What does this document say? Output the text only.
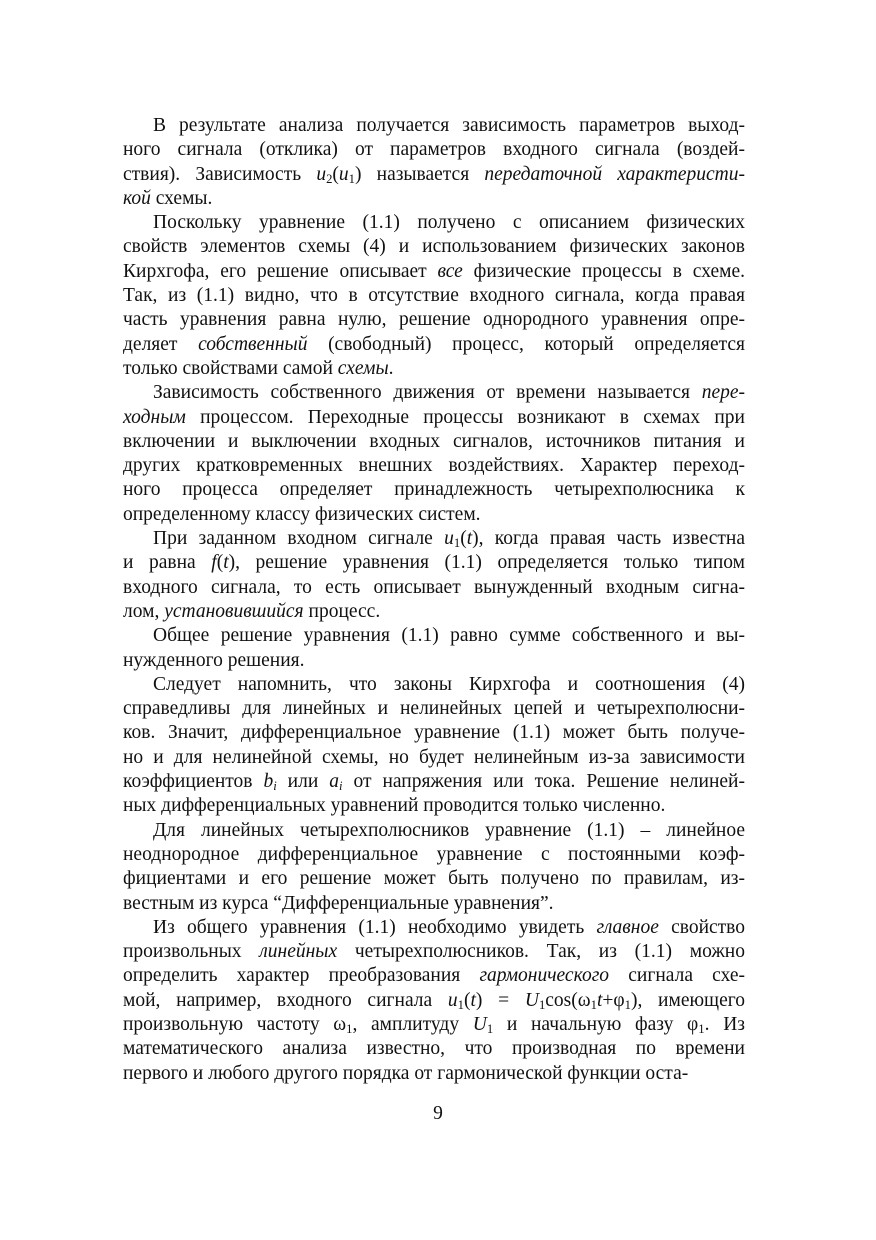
В результате анализа получается зависимость параметров выход-
ного сигнала (отклика) от параметров входного сигнала (воздей-
ствия). Зависимость $u_2(u_1)$ называется передаточной характеристи-
кой схемы.
Поскольку уравнение (1.1) получено с описанием физических
свойств элементов схемы (4) и использованием физических законов
Кирхгофа, его решение описывает все физические процессы в схеме.
Так, из (1.1) видно, что в отсутствие входного сигнала, когда правая
часть уравнения равна нулю, решение однородного уравнения опре-
деляет собственный (свободный) процесс, который определяется
только свойствами самой схемы.
Зависимость собственного движения от времени называется пере-
ходным процессом. Переходные процессы возникают в схемах при
включении и выключении входных сигналов, источников питания и
других кратковременных внешних воздействиях. Характер переход-
ного процесса определяет принадлежность четырехполюсника к
определенному классу физических систем.
При заданном входном сигнале $u_1(t)$, когда правая часть известна
и равна f(t), решение уравнения (1.1) определяется только типом
входного сигнала, то есть описывает вынужденный входным сигна-
лом, установившийся процесс.
Общее решение уравнения (1.1) равно сумме собственного и вы-
нужденного решения.
Следует напомнить, что законы Кирхгофа и соотношения (4)
справедливы для линейных и нелинейных цепей и четырехполюсни-
ков. Значит, дифференциальное уравнение (1.1) может быть получе-
но и для нелинейной схемы, но будет нелинейным из-за зависимости
коэффициентов $b_i$ или $a_i$ от напряжения или тока. Решение нелиней-
ных дифференциальных уравнений проводится только численно.
Для линейных четырехполюсников уравнение (1.1) – линейное
неоднородное дифференциальное уравнение с постоянными коэф-
фициентами и его решение может быть получено по правилам, из-
вестным из курса “Дифференциальные уравнения”.
Из общего уравнения (1.1) необходимо увидеть главное свойство
произвольных линейных четырехполюсников. Так, из (1.1) можно
определить характер преобразования гармонического сигнала схе-
мой, например, входного сигнала $u_1(t) = U_1\cos(\omega_1t+\varphi_1)$, имеющего
произвольную частоту $\omega_1$, амплитуду $U_1$ и начальную фазу $\varphi_1$. Из
математического анализа известно, что производная по времени
первого и любого другого порядка от гармонической функции оста-
9
